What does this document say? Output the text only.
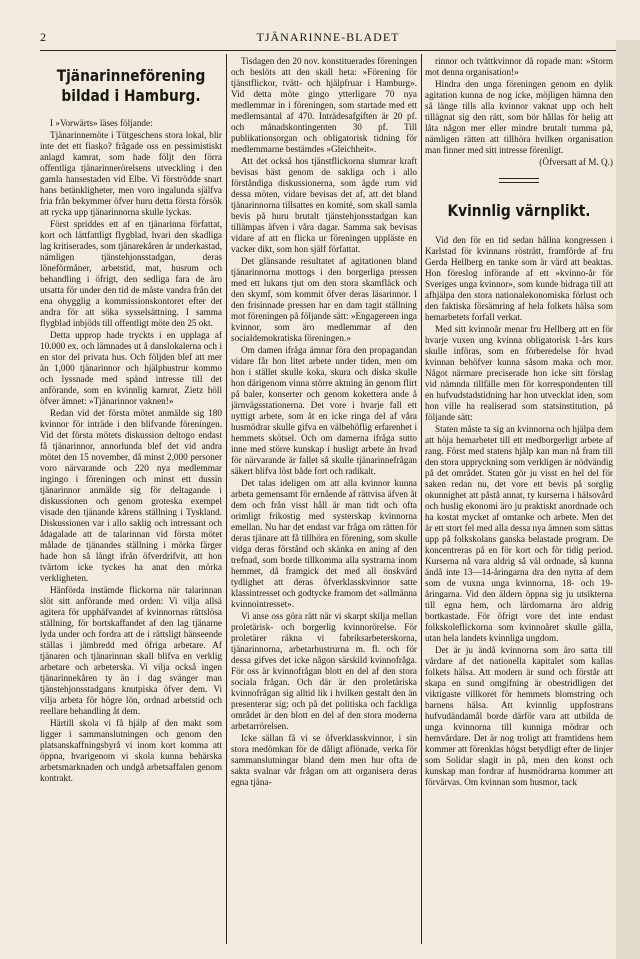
2	TJÄNARINNE-BLADET
Tjänarinneförening bildad i Hamburg.

I »Vorwärts» läses följande:

Tjänarinnemöte i Tütgeschens stora lokal, blir inte det ett fiasko? frågade oss en pessimistiskt anlagd kamrat, som hade följt den förra offentliga tjänarinnerörelsens utveckling i den gamla hansestaden vid Elbe. Vi förströdde snart hans betänkligheter, men voro ingalunda själfva fria från bekymmer öfver huru detta första försök att rycka upp tjänarinnorna skulle lyckas.

Först spriddes ett af en tjänarinna författat, kort och lättfattligt flygblad, hvari den skadliga lag kritiserades, som tjänarekåren är underkastad, nämligen tjänstehjonsstadgan, deras löneförmåner, arbetstid, mat, husrum och behandling i öfrigt, den sedliga fara de äro utsatta för under den tid de måste vandra från det ena ohygglig a kommissionskontoret efter det andra för att söka sysselsättning. I samma flygblad inbjöds till offentligt möte den 25 okt.

Detta upprop hade tryckts i en upplaga af 10.000 ex. och lämnades ut å danslokalerna och i en stor del privata hus. Och följden blef att mer än 1,000 tjänarinnor och hjälphustrur kommo och lyssnade med spänd intresse till det anförande, som en kvinnlig kamrat, Zietz höll öfver ämnet: »Tjänarinnor vaknen!»

Redan vid det första mötet anmälde sig 180 kvinnor för inträde i den blifvande föreningen. Vid det första mötets diskussion deltogo endast få tjänarinnor, annorlunda blef det vid andra mötet den 15 november, då minst 2,000 personer voro närvarande och 220 nya medlemmar ingingo i föreningen och minst ett dussin tjänarinnor anmälde sig för deltagande i diskussionen och genom groteska exempel visade den tjänande kårens ställning i Tyskland. Diskussionen var i allo saklig och intressant och ådagalade att de talarinnan vid första mötet målade de tjänandes ställning i mörka färger hade hon så långt ifrån öfverdrifvit, att hon tvärtom icke tyckes ha anat den mörka verkligheten.

Hänförda instämde flickorna när talarinnan slöt sitt anförande med orden: Vi vilja allsä agitera för upphäfvandet af kvinnornas rättslösa ställning, för bortskaffandet af den lag tjänarne lyda under och fordra att de i rättsligt hänseende ställas i jämbredd med öfriga arbetare. Af tjänaren och tjänarinnan skall blifva en verklig arbetare och arbeterska. Vi vilja också ingen tjänarinnekåren ty än i dag svänger man tjänstehjonsstadgans knutpiska öfver dem. Vi vilja arbeta för högre lön, ordnad arbetstid och reellare behandling åt dem.

Härtill skola vi få hjälp af den makt som ligger i sammanslutningen och genom den platsanskaffningsbyrå vi inom kort komma att öppna, hvarigenom vi skola kunna behärska arbetsmarknaden och undgå arbetsaffalen genom kontrakt.

Tisdagen den 20 nov. konstituerades föreningen och beslöts att den skall heta: »Förening för tjänstflickor, tvätt- och hjälpfruar i Hamburg». Vid detta möte gingo ytterligare 70 nya medlemmar in i föreningen, som startade med ett medlemsantal af 470. Inträdesafgiften är 20 pf. och månadskontingenten 30 pf. Till publikationsorgan och obligatorisk tidning för medlemmarne bestämdes »Gleichheit».

Att det också hos tjänstflickorna slumrar kraft bevisas bäst genom de sakliga och i allo förståndiga diskussionerna, som ägde rum vid dessa möten, vidare bevisas det af, att det bland tjänarinnorna tillsattes en komité, som skall samla bevis på huru brutalt tjänstehjonsstadgan kan tillämpas äfven i våra dagar. Samma sak bevisas vidare af att en flicka ur föreningen uppläste en vacker dikt, som hon själf författat.

Det glänsande resultatet af agitationen bland tjänarinnorna mottogs i den borgerliga pressen med ett lukans tjut om den stora skamfläck och den skymf, som kommit öfver deras läsarinnor. I den frisinnade pressen har en dam tagit ställning mot föreningen på följande sätt: »Engagereen inga kvinnor, som äro medlemmar af den socialdemokratiska föreningen.»

Om damen ifråga ämnar föra den propagandan vidare får hon litet arbete under tiden, men om hon i stället skulle koka, skura och diska skulle hon därigenom vinna större aktning än genom flirt på baler, konserter och genom kokettera ande å järnvägsstationerna. Det vore i hvarje fall ett nyttigt arbete, som åt en icke ringa del af våra husmödrar skulle gifva en välbehöflig erfarenhet i hemmets skötsel. Och om damerna ifråga sutto inne med större kunskap i husligt arbete än hvad för närvarande är fallet så skulle tjänarinnefrågan säkert blifva löst både fort och radikalt.

Det talas ideligen om att alla kvinnor kunna arbeta gemensamt för ernående af rättvisa äfven åt dem och från visst håll är man tidt och ofta orimligt frikostig med systerskap kvinnorna emellan. Nu har det endast var fråga om rätten för deras tjänare att få tillhöra en förening, som skulle vidga deras förstånd och skänka en aning af den trefnad, som borde tillkomma alla systrarna inom hemmet, då framgick det med all önskvärd tydlighet att deras öfverklasskvinnor satte klassintresset och godtycke framom det »allmänna kvinnointresset».

Vi anse oss göra rätt när vi skarpt skilja mellan proletärisk- och borgerlig kvinnorörelse. För proletärer räkna vi fabriksarbeterskorna, tjänarinnorna, arbetarhustrurna m. fl. och för dessa gifves det icke någon särskild kvinnofråga. För oss är kvinnofrågan blott en del af den stora sociala frågan. Och där är den proletäriska kvinnofrågan sig alltid lik i hvilken gestalt den än presenterar sig; och på det politiska och fackliga området är den blott en del af den stora moderna arbetarrörelsen.

Icke sällan få vi se öfverklasskvinnor, i sin stora medömkan för de dåligt aflönade, verka för sammanslutningar bland dem men hur ofta de sakta svalnar vår frågan om att organisera deras egna tjäna-

rinnor och tvättkvinnor då ropade man: »Storm mot denna organisation!»

Hindra den unga föreningen genom en dylik agitation kunna de nog icke, möjligen hämna den så länge tills alla kvinnor vaknat upp och helt tillägnat sig den rätt, som bör hållas för helig att låta någon mer eller mindre brutalt tumma på, nämligen rätten att tillhöra hvilken organisation man finner med sitt intresse förenligt.

(Öfversatt af M. Q.)

Kvinnlig värnplikt.

Vid den för en tid sedan hållna kongressen i Karlstad för kvinnans rösträtt, framförde af fru Gerda Hellberg en tanke som är värd att beaktas. Hon föreslog införande af ett »kvinno-år för Sveriges unga kvinnor», som kunde bidraga till att afhjälpa den stora nationalekonomiska förlust och den faktiska försämring af hela folkets hälsa som hemarbetets forfall verkat.

Med sitt kvinnoår menar fru Hellberg att en för hvarje vuxen ung kvinna obligatorisk 1-års kurs skulle införas, som en förberedelse för hvad kvinnan behöfver kunna såsom maka och mor. Något närmare preciserade hon icke sitt förslag vid nämnda tillfälle men för korrespondenten till en hufvudstadstidning har hon utvecklat iden, som hon ville ha realiserad som statsinstitution, på följande sätt:

Staten måste ta sig an kvinnorna och hjälpa dem att höja hemarbetet till ett medborgerligt arbete af rang. Först med statens hjälp kan man nå fram till den stora uppryckning som verkligen är nödvändig på det området. Staten gör ju visst en hel del för saken redan nu, det vore ett bevis på sorglig okunnighet att påstå annat, ty kurserna i hälsovård och huslig ekonomi äro ju praktiskt anordnade och ha kostat mycket af omtanke och arbete. Men det är ett stort fel med alla dessa nya ämnen som sättas upp på folkskolans ganska belastade program. De koncentreras på en för kort och för tidig period. Kurserna nå vara aldrig så väl ordnade, så kunna ändå inte 13—14-åringarna dra den nytta af dem som de vuxna unga kvinnorna, 18- och 19-åringarna. Vid den äldern öppna sig ju utsikterna till egna hem, och lärdomarna äro aldrig bortkastade. För öfrigt vore det inte endast folkskoleflickorna som kvinnoåret skulle gälla, utan hela landets kvinnliga ungdom.

Det är ju ändå kvinnorna som äro satta till vårdare af det nationella kapitalet som kallas folkets hälsa. Att modern är sund och förstår att skapa en sund omgifning är obestridligen det viktigaste villkoret för hemmets blomstring och barnens hälsa. Att kvinnlig uppfostrans hufvudändamål borde därför vara att utbilda de unga kvinnorna till kunniga mödrar och hemvårdare. Det är nog troligt att framtidens hem kommer att förenklas högst betydligt efter de linjer som Solidar slagit in på, men den konst och kunskap man fordrar af husmödrarna kommer att förvärvas. Om kvinnan som husmor, tack
